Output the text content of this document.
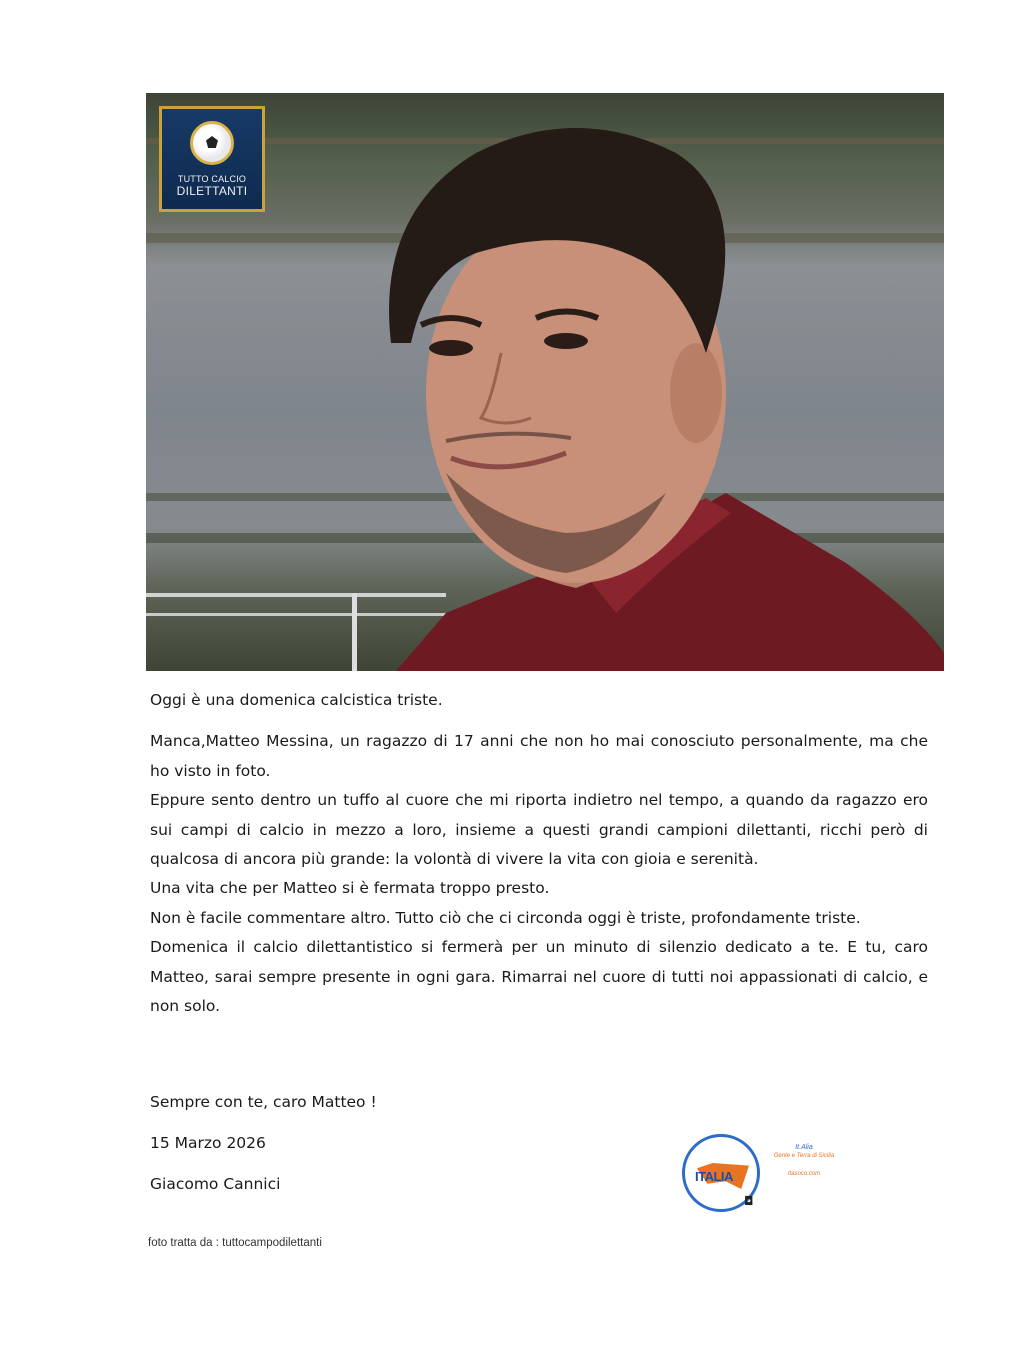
TUTTO CALCIO
DILETTANTI

Oggi è una domenica calcistica triste.

Manca,Matteo Messina, un ragazzo di 17 anni che non ho mai conosciuto personalmente, ma che ho visto in foto.

Eppure sento dentro un tuffo al cuore che mi riporta indietro nel tempo, a quando da ragazzo ero sui campi di calcio in mezzo a loro, insieme a questi grandi campioni dilettanti, ricchi però di qualcosa di ancora più grande: la volontà di vivere la vita con gioia e serenità.

Una vita che per Matteo si è fermata troppo presto.

Non è facile commentare altro. Tutto ciò che ci circonda oggi è triste, profondamente triste.

Domenica il calcio dilettantistico si fermerà per un minuto di silenzio dedicato a te. E tu, caro Matteo, sarai sempre presente in ogni gara. Rimarrai nel cuore di tutti noi appassionati di calcio, e non solo.

Sempre con te, caro Matteo !
15 Marzo 2026
Giacomo Cannici	ITALIA
◘
It.Alia
Gente e Terra di Sicilia
Itasoco.com
foto tratta da : tuttocampodilettanti
